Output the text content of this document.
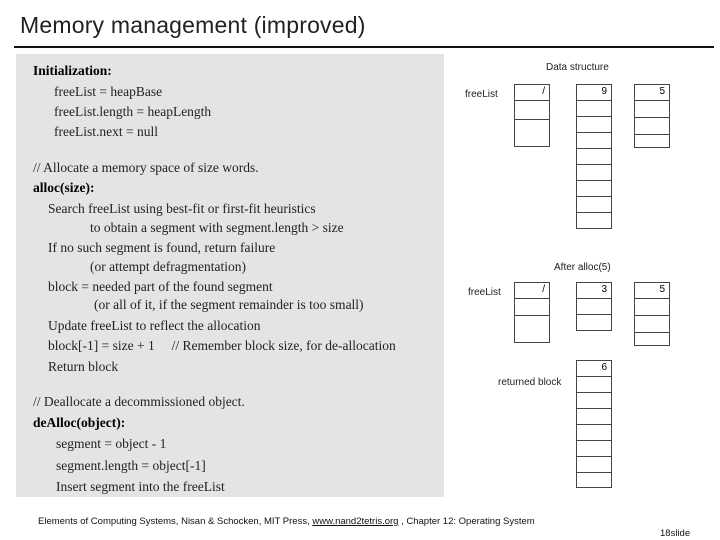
Memory management (improved)
Initialization:
freeList = heapBase
freeList.length = heapLength
freeList.next = null
// Allocate a memory space of size words.
alloc(size):
Search freeList using best-fit or first-fit heuristics
to obtain a segment with segment.length > size
If no such segment is found, return failure
(or attempt defragmentation)
block = needed part of the found segment
(or all of it, if the segment remainder is too small)
Update freeList to reflect the allocation
block[-1] = size + 1     // Remember block size, for de-allocation
Return block
// Deallocate a decommissioned object.
deAlloc(object):
segment = object - 1
segment.length = object[-1]
Insert segment into the freeList
Data structure
freeList	/	9	5
After alloc(5)
freeList	/	3	5
6
returned block
Elements of Computing Systems, Nisan & Schocken, MIT Press, www.nand2tetris.org , Chapter 12: Operating System
18slide
